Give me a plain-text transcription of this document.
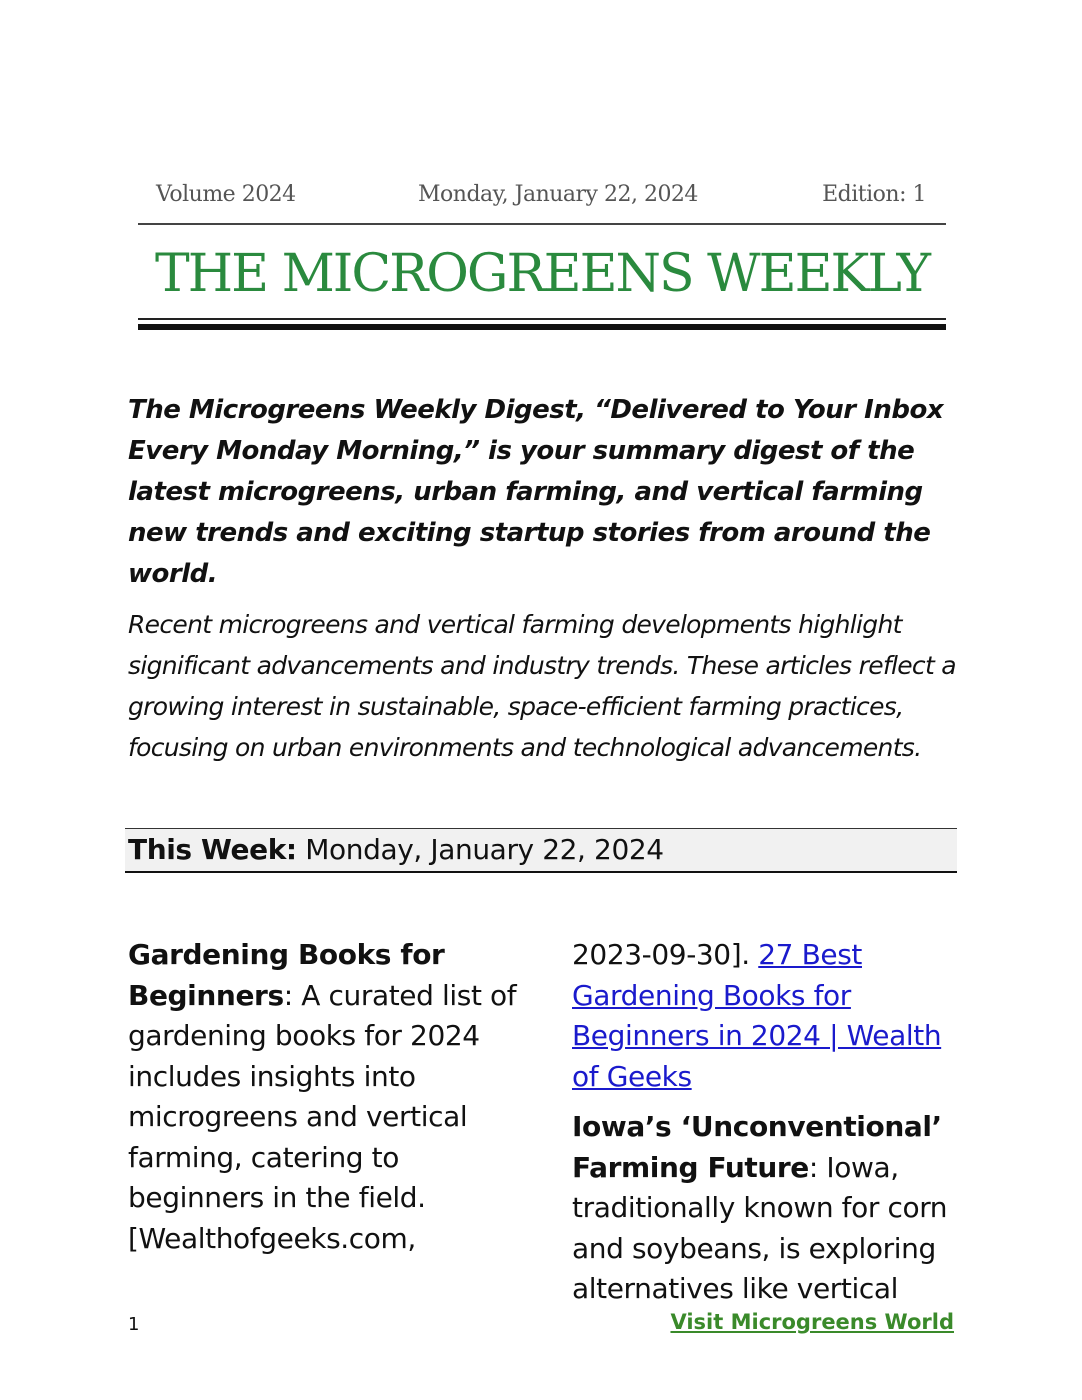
Volume 2024	Monday, January 22, 2024	Edition: 1
THE MICROGREENS WEEKLY

The Microgreens Weekly Digest, “Delivered to Your Inbox Every Monday Morning,” is your summary digest of the latest microgreens, urban farming, and vertical farming new trends and exciting startup stories from around the world.

Recent microgreens and vertical farming developments highlight significant advancements and industry trends. These articles reflect a growing interest in sustainable, space-efficient farming practices, focusing on urban environments and technological advancements.

This Week: Monday, January 22, 2024
Gardening Books for Beginners: A curated list of gardening books for 2024 includes insights into microgreens and vertical farming, catering to beginners in the field. [Wealthofgeeks.com,
2023-09-30]. 27 Best Gardening Books for Beginners in 2024 | Wealth of Geeks
Iowa’s ‘Unconventional’ Farming Future: Iowa, traditionally known for corn and soybeans, is exploring alternatives like vertical
1	Visit Microgreens World
